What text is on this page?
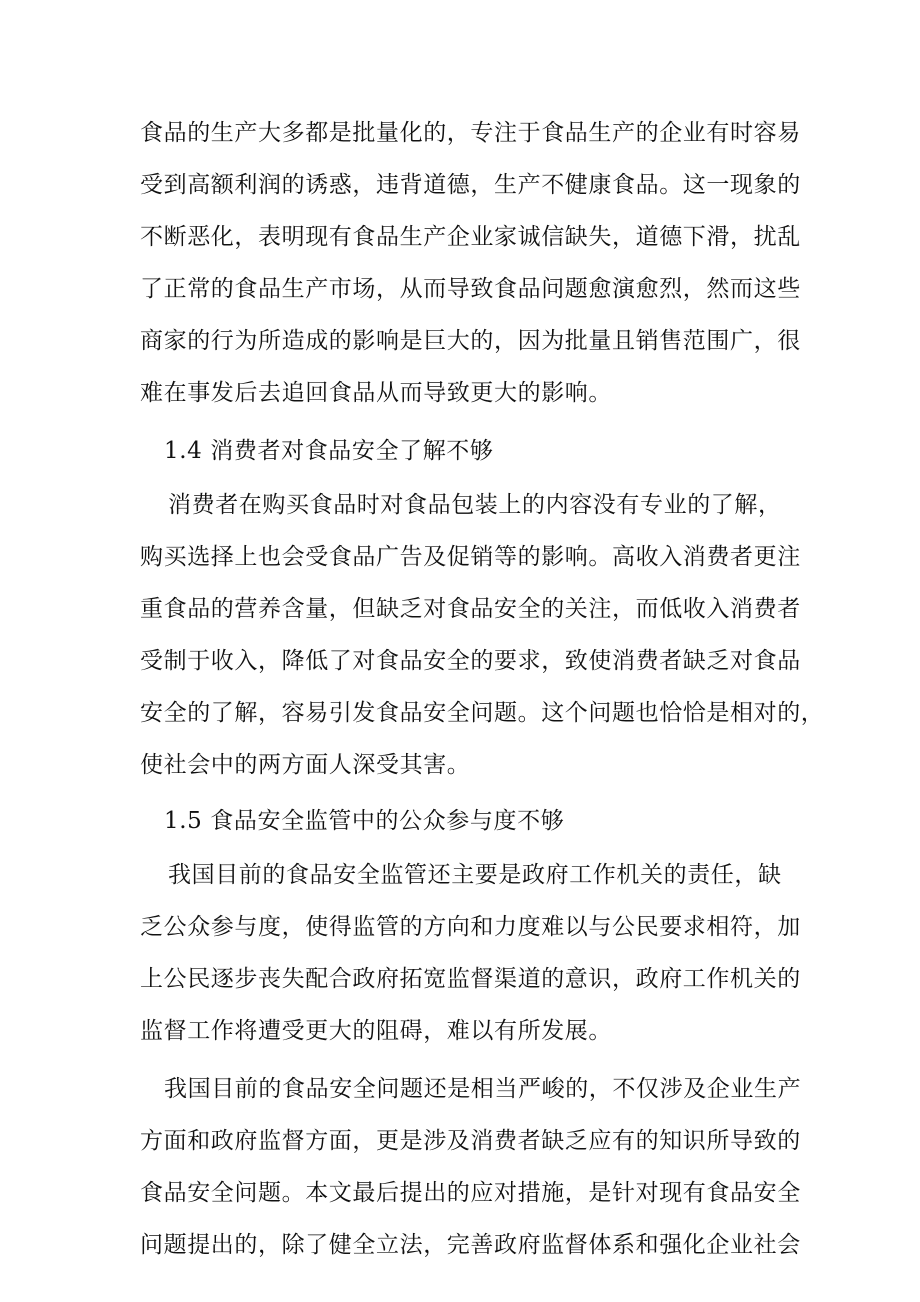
食品的生产大多都是批量化的，专注于食品生产的企业有时容易
受到高额利润的诱惑，违背道德，生产不健康食品。这一现象的
不断恶化，表明现有食品生产企业家诚信缺失，道德下滑，扰乱
了正常的食品生产市场，从而导致食品问题愈演愈烈，然而这些
商家的行为所造成的影响是巨大的，因为批量且销售范围广，很
难在事发后去追回食品从而导致更大的影响。
1.4 消费者对食品安全了解不够
消费者在购买食品时对食品包装上的内容没有专业的了解，
购买选择上也会受食品广告及促销等的影响。高收入消费者更注
重食品的营养含量，但缺乏对食品安全的关注，而低收入消费者
受制于收入，降低了对食品安全的要求，致使消费者缺乏对食品
安全的了解，容易引发食品安全问题。这个问题也恰恰是相对的，
使社会中的两方面人深受其害。
1.5 食品安全监管中的公众参与度不够
我国目前的食品安全监管还主要是政府工作机关的责任，缺
乏公众参与度，使得监管的方向和力度难以与公民要求相符，加
上公民逐步丧失配合政府拓宽监督渠道的意识，政府工作机关的
监督工作将遭受更大的阻碍，难以有所发展。
我国目前的食品安全问题还是相当严峻的，不仅涉及企业生产
方面和政府监督方面，更是涉及消费者缺乏应有的知识所导致的
食品安全问题。本文最后提出的应对措施，是针对现有食品安全
问题提出的，除了健全立法，完善政府监督体系和强化企业社会
